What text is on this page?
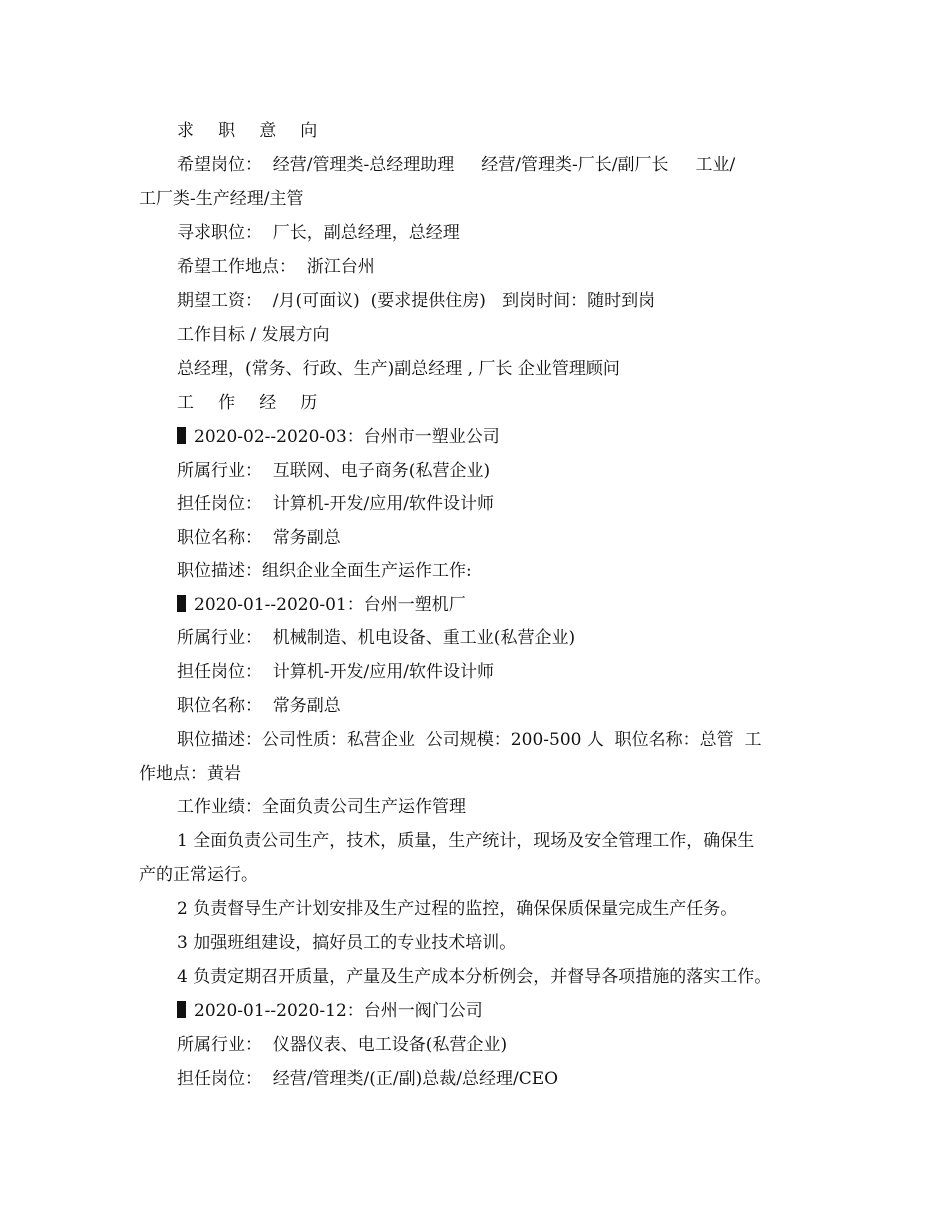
求 职 意 向

希望岗位：  经营/管理类-总经理助理     经营/管理类-厂长/副厂长     工业/

工厂类-生产经理/主管

寻求职位：  厂长，副总经理，总经理

希望工作地点：  浙江台州

期望工资：  /月(可面议)  (要求提供住房)   到岗时间：随时到岗

工作目标 / 发展方向

总经理，(常务、行政、生产)副总经理 , 厂长 企业管理顾问

工 作 经 历

2020-02--2020-03：台州市一塑业公司

所属行业：  互联网、电子商务(私营企业)

担任岗位：  计算机-开发/应用/软件设计师

职位名称：  常务副总

职位描述：组织企业全面生产运作工作:

2020-01--2020-01：台州一塑机厂

所属行业：  机械制造、机电设备、重工业(私营企业)

担任岗位：  计算机-开发/应用/软件设计师

职位名称：  常务副总

职位描述：公司性质：私营企业  公司规模：200-500 人  职位名称：总管  工

作地点：黄岩

工作业绩：全面负责公司生产运作管理

1 全面负责公司生产，技术，质量，生产统计，现场及安全管理工作，确保生

产的正常运行。

2 负责督导生产计划安排及生产过程的监控，确保保质保量完成生产任务。

3 加强班组建设，搞好员工的专业技术培训。

4 负责定期召开质量，产量及生产成本分析例会，并督导各项措施的落实工作。

2020-01--2020-12：台州一阀门公司

所属行业：  仪器仪表、电工设备(私营企业)

担任岗位：  经营/管理类/(正/副)总裁/总经理/CEO
